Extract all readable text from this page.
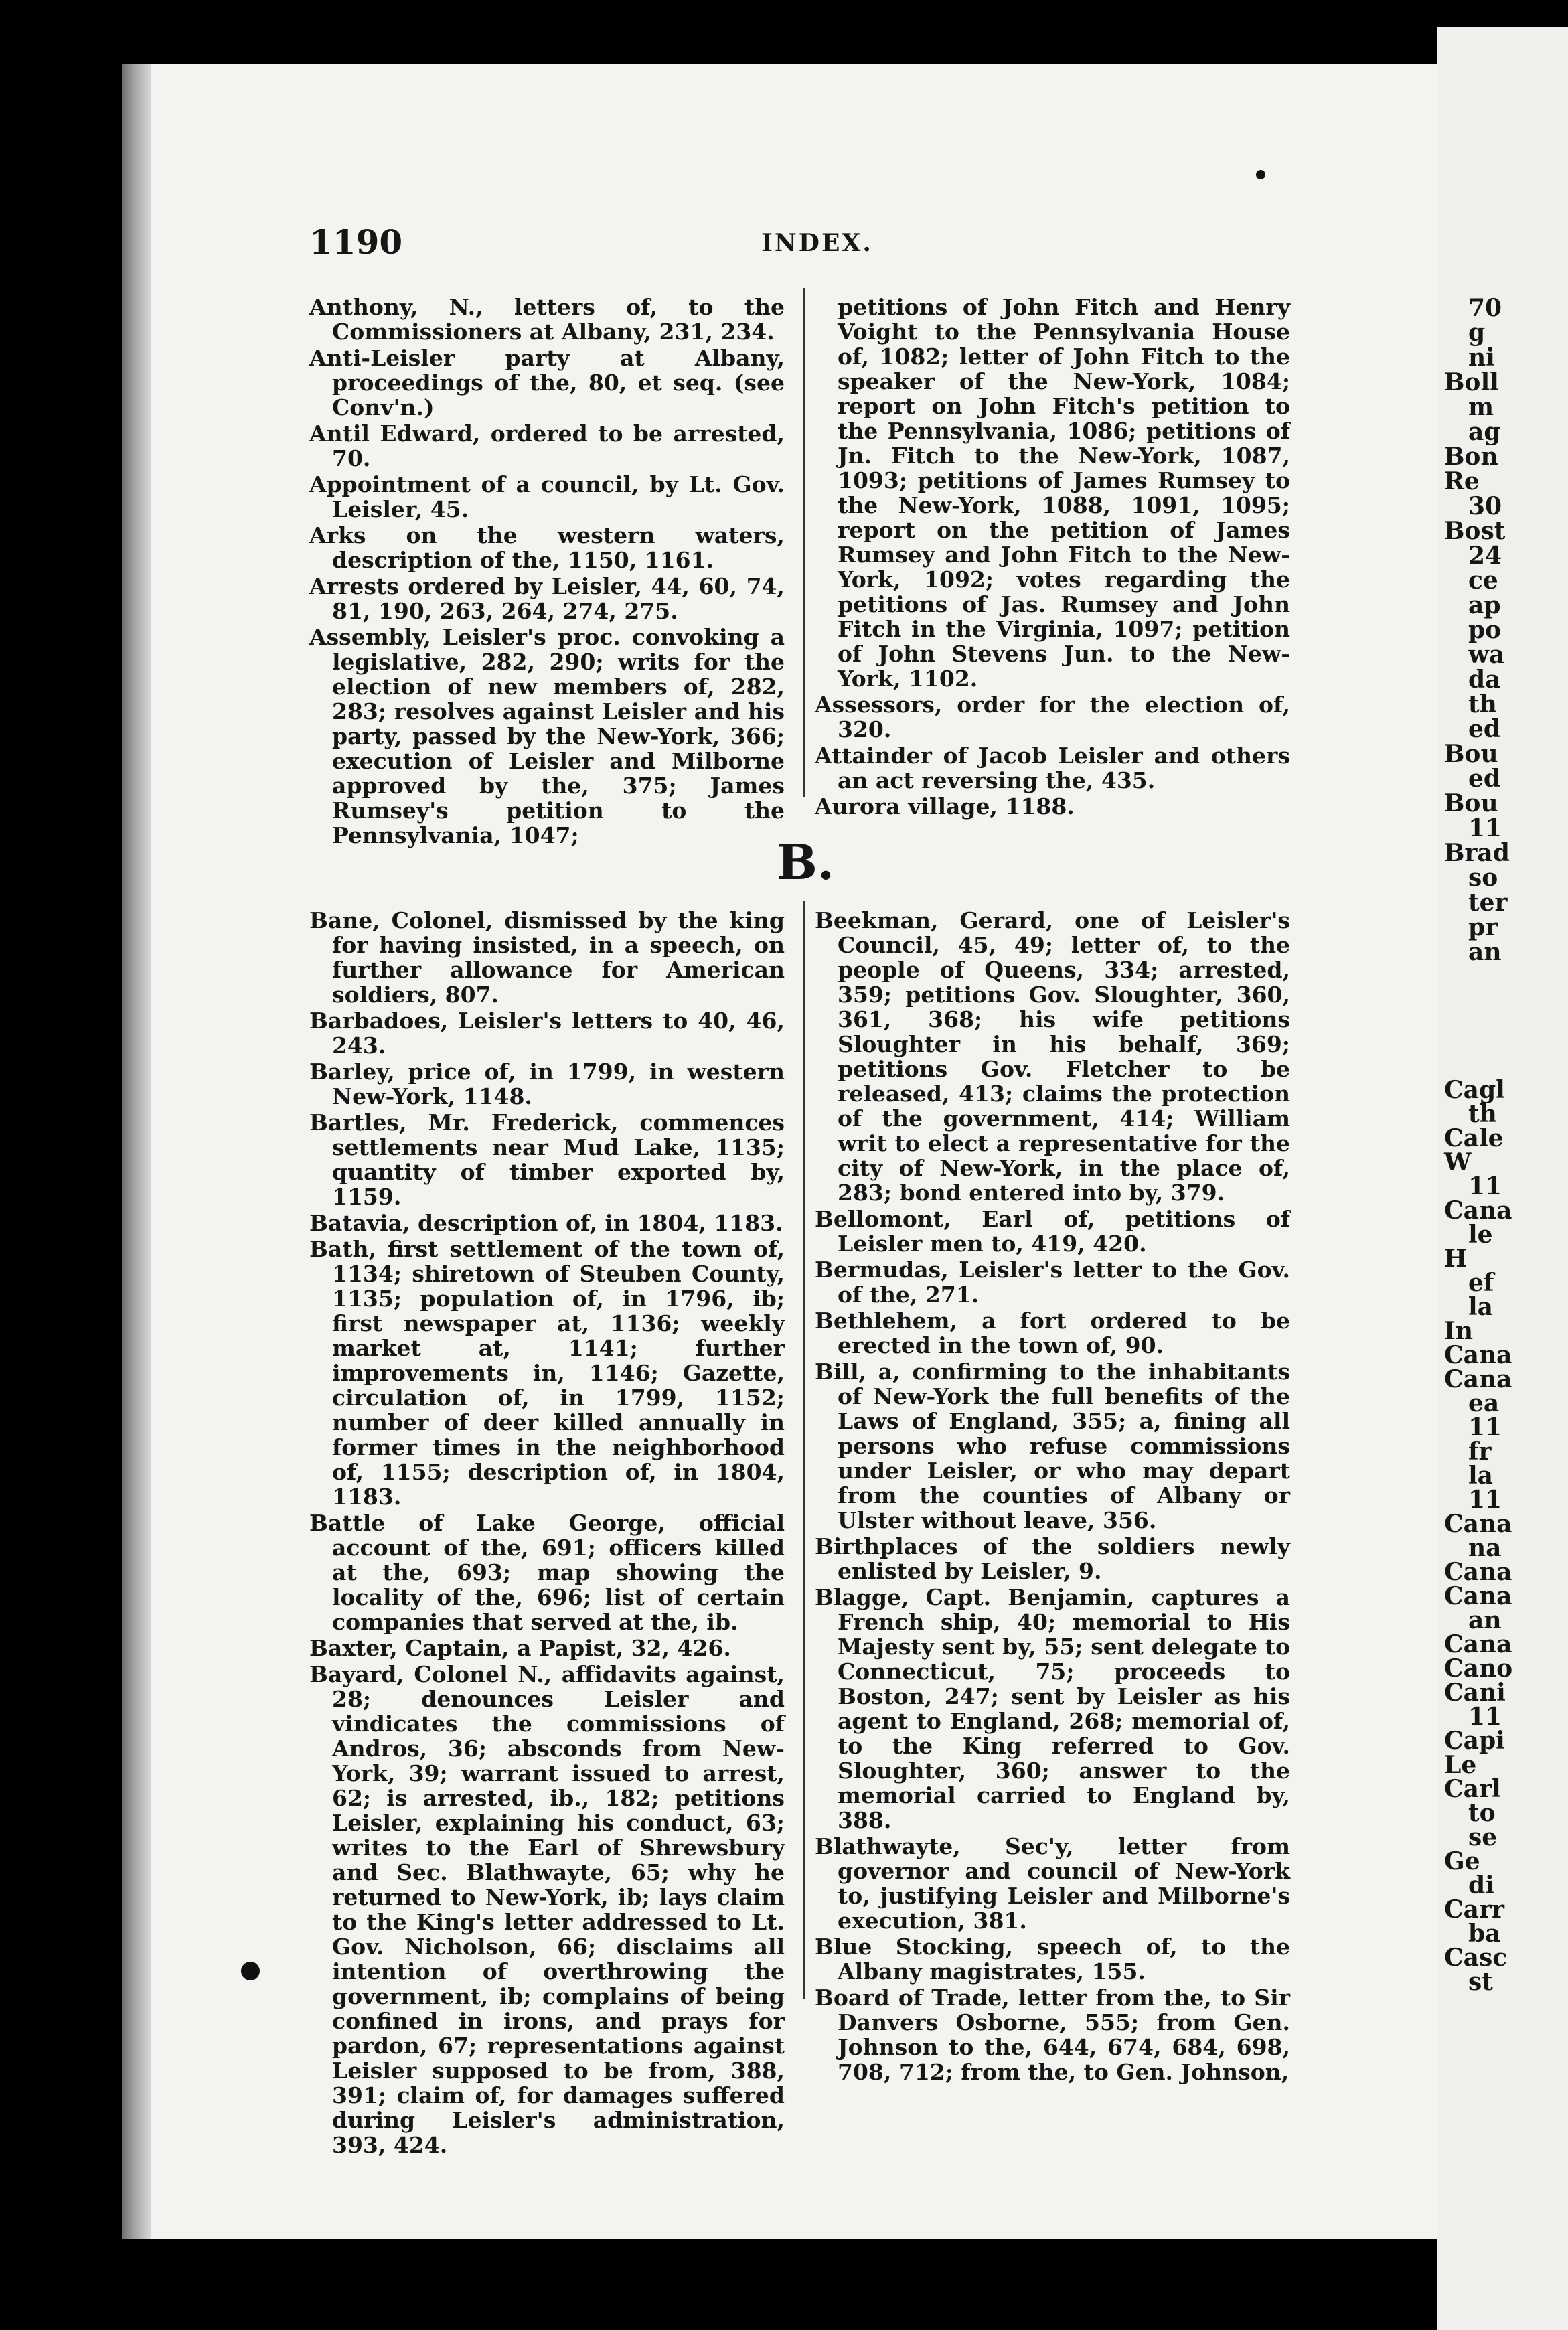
1190	INDEX.

Anthony, N., letters of, to the Commissioners at Albany, 231, 234.

Anti-Leisler party at Albany, proceedings of the, 80, et seq. (see Conv'n.)

Antil Edward, ordered to be arrested, 70.

Appointment of a council, by Lt. Gov. Leisler, 45.

Arks on the western waters, description of the, 1150, 1161.

Arrests ordered by Leisler, 44, 60, 74, 81, 190, 263, 264, 274, 275.

Assembly, Leisler's proc. convoking a legislative, 282, 290; writs for the election of new members of, 282, 283; resolves against Leisler and his party, passed by the New-York, 366; execution of Leisler and Milborne approved by the, 375; James Rumsey's petition to the Pennsylvania, 1047;

petitions of John Fitch and Henry Voight to the Pennsylvania House of, 1082; letter of John Fitch to the speaker of the New-York, 1084; report on John Fitch's petition to the Pennsylvania, 1086; petitions of Jn. Fitch to the New-York, 1087, 1093; petitions of James Rumsey to the New-York, 1088, 1091, 1095; report on the petition of James Rumsey and John Fitch to the New-York, 1092; votes regarding the petitions of Jas. Rumsey and John Fitch in the Virginia, 1097; petition of John Stevens Jun. to the New-York, 1102.

Assessors, order for the election of, 320.

Attainder of Jacob Leisler and others an act reversing the, 435.

Aurora village, 1188.

B.

Bane, Colonel, dismissed by the king for having insisted, in a speech, on further allowance for American soldiers, 807.

Barbadoes, Leisler's letters to 40, 46, 243.

Barley, price of, in 1799, in western New-York, 1148.

Bartles, Mr. Frederick, commences settlements near Mud Lake, 1135; quantity of timber exported by, 1159.

Batavia, description of, in 1804, 1183.

Bath, first settlement of the town of, 1134; shiretown of Steuben County, 1135; population of, in 1796, ib; first newspaper at, 1136; weekly market at, 1141; further improvements in, 1146; Gazette, circulation of, in 1799, 1152; number of deer killed annually in former times in the neighborhood of, 1155; description of, in 1804, 1183.

Battle of Lake George, official account of the, 691; officers killed at the, 693; map showing the locality of the, 696; list of certain companies that served at the, ib.

Baxter, Captain, a Papist, 32, 426.

Bayard, Colonel N., affidavits against, 28; denounces Leisler and vindicates the commissions of Andros, 36; absconds from New-York, 39; warrant issued to arrest, 62; is arrested, ib., 182; petitions Leisler, explaining his conduct, 63; writes to the Earl of Shrewsbury and Sec. Blathwayte, 65; why he returned to New-York, ib; lays claim to the King's letter addressed to Lt. Gov. Nicholson, 66; disclaims all intention of overthrowing the government, ib; complains of being confined in irons, and prays for pardon, 67; representations against Leisler supposed to be from, 388, 391; claim of, for damages suffered during Leisler's administration, 393, 424.

Beekman, Gerard, one of Leisler's Council, 45, 49; letter of, to the people of Queens, 334; arrested, 359; petitions Gov. Sloughter, 360, 361, 368; his wife petitions Sloughter in his behalf, 369; petitions Gov. Fletcher to be released, 413; claims the protection of the government, 414; William writ to elect a representative for the city of New-York, in the place of, 283; bond entered into by, 379.

Bellomont, Earl of, petitions of Leisler men to, 419, 420.

Bermudas, Leisler's letter to the Gov. of the, 271.

Bethlehem, a fort ordered to be erected in the town of, 90.

Bill, a, confirming to the inhabitants of New-York the full benefits of the Laws of England, 355; a, fining all persons who refuse commissions under Leisler, or who may depart from the counties of Albany or Ulster without leave, 356.

Birthplaces of the soldiers newly enlisted by Leisler, 9.

Blagge, Capt. Benjamin, captures a French ship, 40; memorial to His Majesty sent by, 55; sent delegate to Connecticut, 75; proceeds to Boston, 247; sent by Leisler as his agent to England, 268; memorial of, to the King referred to Gov. Sloughter, 360; answer to the memorial carried to England by, 388.

Blathwayte, Sec'y, letter from governor and council of New-York to, justifying Leisler and Milborne's execution, 381.

Blue Stocking, speech of, to the Albany magistrates, 155.

Board of Trade, letter from the, to Sir Danvers Osborne, 555; from Gen. Johnson to the, 644, 674, 684, 698, 708, 712; from the, to Gen. Johnson,

70
g
ni
Boll
m
ag
Bon
Re
30
Bost
24
ce
ap
po
wa
da
th
ed
Bou
ed
Bou
11
Brad
so
ter
pr
an
Cagl
th
Cale
W
11
Cana
le
H
ef
la
In
Cana
Cana
ea
11
fr
la
11
Cana
na
Cana
Cana
an
Cana
Cano
Cani
11
Capi
Le
Carl
to
se
Ge
di
Carr
ba
Casc
st
